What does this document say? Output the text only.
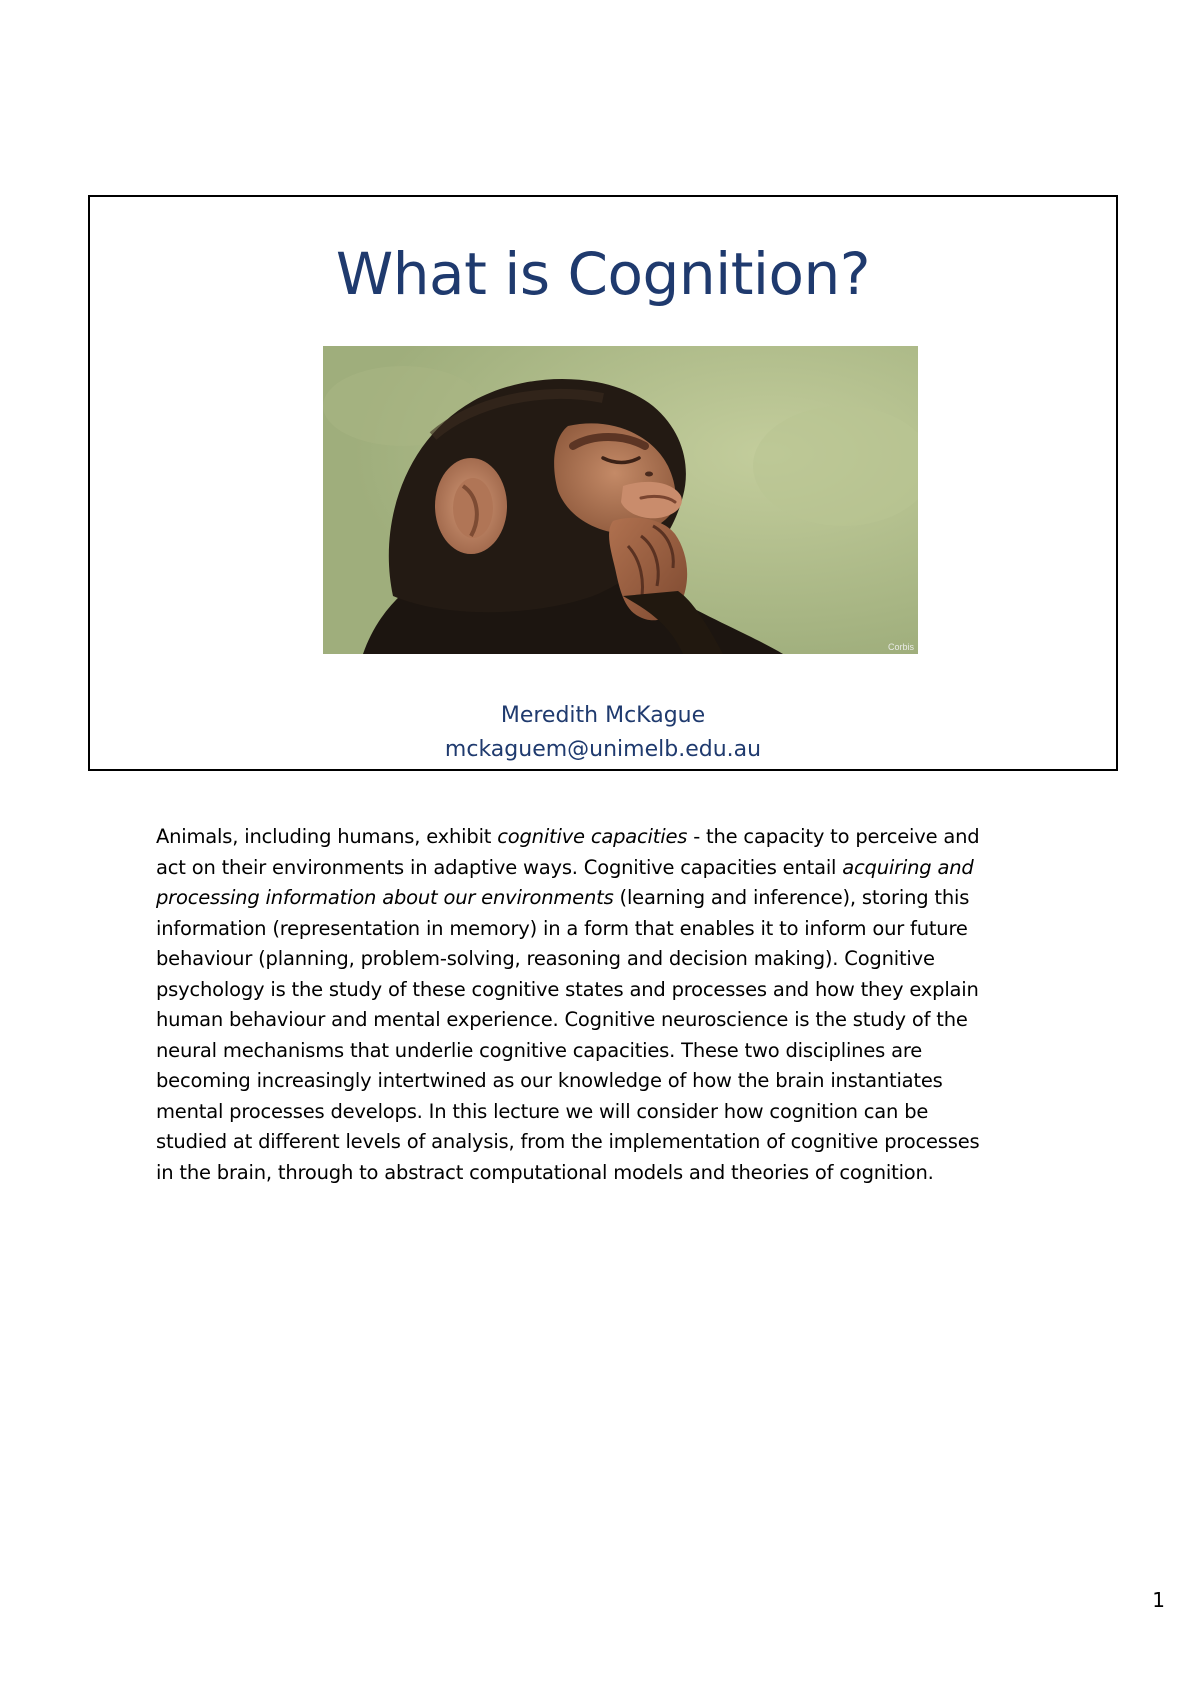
What is Cognition?
Corbis
Meredith McKague
mckaguem@unimelb.edu.au
Animals, including humans, exhibit cognitive capacities - the capacity to perceive and
act on their environments in adaptive ways. Cognitive capacities entail acquiring and
processing information about our environments (learning and inference), storing this
information (representation in memory) in a form that enables it to inform our future
behaviour (planning, problem-solving, reasoning and decision making). Cognitive
psychology is the study of these cognitive states and processes and how they explain
human behaviour and mental experience. Cognitive neuroscience is the study of the
neural mechanisms that underlie cognitive capacities. These two disciplines are
becoming increasingly intertwined as our knowledge of how the brain instantiates
mental processes develops. In this lecture we will consider how cognition can be
studied at different levels of analysis, from the implementation of cognitive processes
in the brain, through to abstract computational models and theories of cognition.
1
